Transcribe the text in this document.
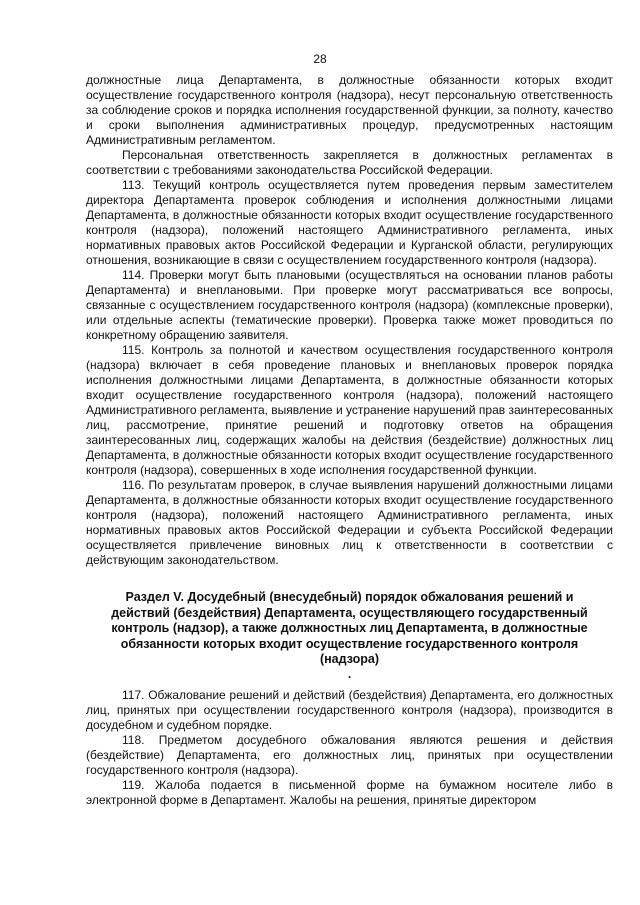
28

должностные лица Департамента, в должностные обязанности которых входит осуществление государственного контроля (надзора), несут персональную ответственность за соблюдение сроков и порядка исполнения государственной функции, за полноту, качество и сроки выполнения административных процедур, предусмотренных настоящим Административным регламентом.

Персональная ответственность закрепляется в должностных регламентах в соответствии с требованиями законодательства Российской Федерации.

113. Текущий контроль осуществляется путем проведения первым заместителем директора Департамента проверок соблюдения и исполнения должностными лицами Департамента, в должностные обязанности которых входит осуществление государственного контроля (надзора), положений настоящего Административного регламента, иных нормативных правовых актов Российской Федерации и Курганской области, регулирующих отношения, возникающие в связи с осуществлением государственного контроля (надзора).

114. Проверки могут быть плановыми (осуществляться на основании планов работы Департамента) и внеплановыми. При проверке могут рассматриваться все вопросы, связанные с осуществлением государственного контроля (надзора) (комплексные проверки), или отдельные аспекты (тематические проверки). Проверка также может проводиться по конкретному обращению заявителя.

115. Контроль за полнотой и качеством осуществления государственного контроля (надзора) включает в себя проведение плановых и внеплановых проверок порядка исполнения должностными лицами Департамента, в должностные обязанности которых входит осуществление государственного контроля (надзора), положений настоящего Административного регламента, выявление и устранение нарушений прав заинтересованных лиц, рассмотрение, принятие решений и подготовку ответов на обращения заинтересованных лиц, содержащих жалобы на действия (бездействие) должностных лиц Департамента, в должностные обязанности которых входит осуществление государственного контроля (надзора), совершенных в ходе исполнения государственной функции.

116. По результатам проверок, в случае выявления нарушений должностными лицами Департамента, в должностные обязанности которых входит осуществление государственного контроля (надзора), положений настоящего Административного регламента, иных нормативных правовых актов Российской Федерации и субъекта Российской Федерации осуществляется привлечение виновных лиц к ответственности в соответствии с действующим законодательством.

Раздел V. Досудебный (внесудебный) порядок обжалования решений и действий (бездействия) Департамента, осуществляющего государственный контроль (надзор), а также должностных лиц Департамента, в должностные обязанности которых входит осуществление государственного контроля (надзора)
.

117. Обжалование решений и действий (бездействия) Департамента, его должностных лиц, принятых при осуществлении государственного контроля (надзора), производится в досудебном и судебном порядке.

118. Предметом досудебного обжалования являются решения и действия (бездействие) Департамента, его должностных лиц, принятых при осуществлении государственного контроля (надзора).

119. Жалоба подается в письменной форме на бумажном носителе либо в электронной форме в Департамент. Жалобы на решения, принятые директором
